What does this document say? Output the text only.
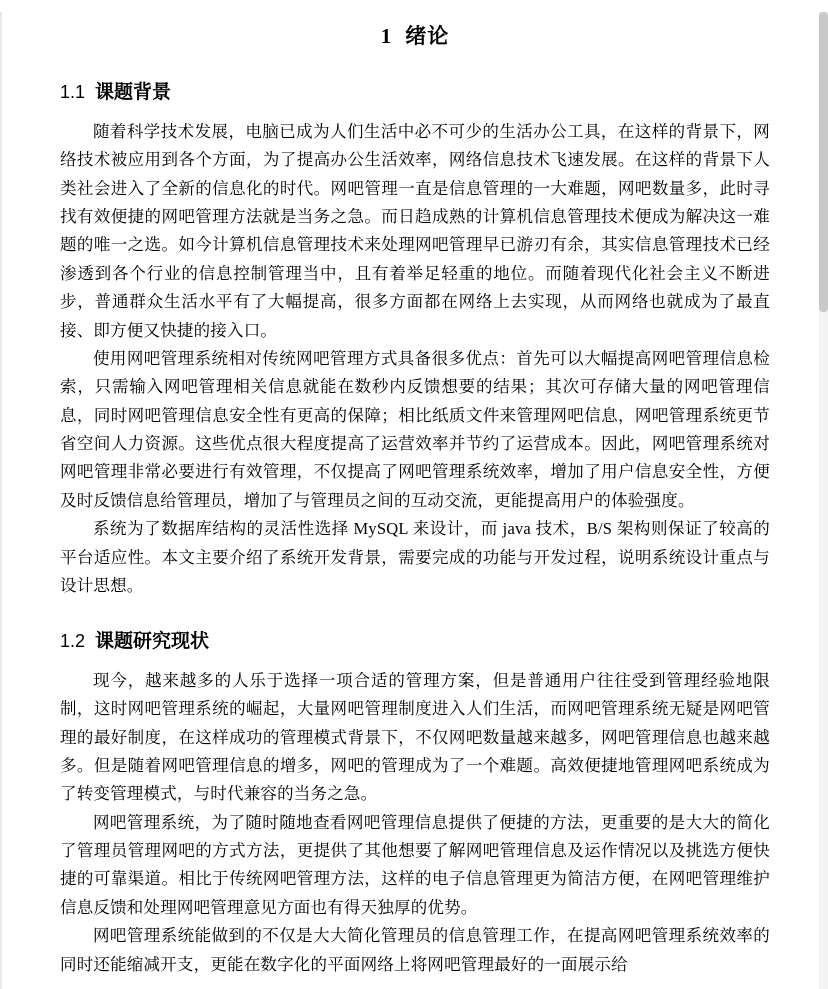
1 绪论
1.1 课题背景

随着科学技术发展，电脑已成为人们生活中必不可少的生活办公工具，在这样的背景下，网络技术被应用到各个方面，为了提高办公生活效率，网络信息技术飞速发展。在这样的背景下人类社会进入了全新的信息化的时代。网吧管理一直是信息管理的一大难题，网吧数量多，此时寻找有效便捷的网吧管理方法就是当务之急。而日趋成熟的计算机信息管理技术便成为解决这一难题的唯一之选。如今计算机信息管理技术来处理网吧管理早已游刃有余，其实信息管理技术已经渗透到各个行业的信息控制管理当中，且有着举足轻重的地位。而随着现代化社会主义不断进步，普通群众生活水平有了大幅提高，很多方面都在网络上去实现，从而网络也就成为了最直接、即方便又快捷的接入口。

使用网吧管理系统相对传统网吧管理方式具备很多优点：首先可以大幅提高网吧管理信息检索，只需输入网吧管理相关信息就能在数秒内反馈想要的结果；其次可存储大量的网吧管理信息，同时网吧管理信息安全性有更高的保障；相比纸质文件来管理网吧信息，网吧管理系统更节省空间人力资源。这些优点很大程度提高了运营效率并节约了运营成本。因此，网吧管理系统对网吧管理非常必要进行有效管理，不仅提高了网吧管理系统效率，增加了用户信息安全性，方便及时反馈信息给管理员，增加了与管理员之间的互动交流，更能提高用户的体验强度。

系统为了数据库结构的灵活性选择 MySQL 来设计，而 java 技术，B/S 架构则保证了较高的平台适应性。本文主要介绍了系统开发背景，需要完成的功能与开发过程，说明系统设计重点与设计思想。

1.2 课题研究现状

现今，越来越多的人乐于选择一项合适的管理方案，但是普通用户往往受到管理经验地限制，这时网吧管理系统的崛起，大量网吧管理制度进入人们生活，而网吧管理系统无疑是网吧管理的最好制度，在这样成功的管理模式背景下，不仅网吧数量越来越多，网吧管理信息也越来越多。但是随着网吧管理信息的增多，网吧的管理成为了一个难题。高效便捷地管理网吧系统成为了转变管理模式，与时代兼容的当务之急。

网吧管理系统，为了随时随地查看网吧管理信息提供了便捷的方法，更重要的是大大的简化了管理员管理网吧的方式方法，更提供了其他想要了解网吧管理信息及运作情况以及挑选方便快捷的可靠渠道。相比于传统网吧管理方法，这样的电子信息管理更为简洁方便，在网吧管理维护信息反馈和处理网吧管理意见方面也有得天独厚的优势。

网吧管理系统能做到的不仅是大大简化管理员的信息管理工作，在提高网吧管理系统效率的同时还能缩减开支，更能在数字化的平面网络上将网吧管理最好的一面展示给
